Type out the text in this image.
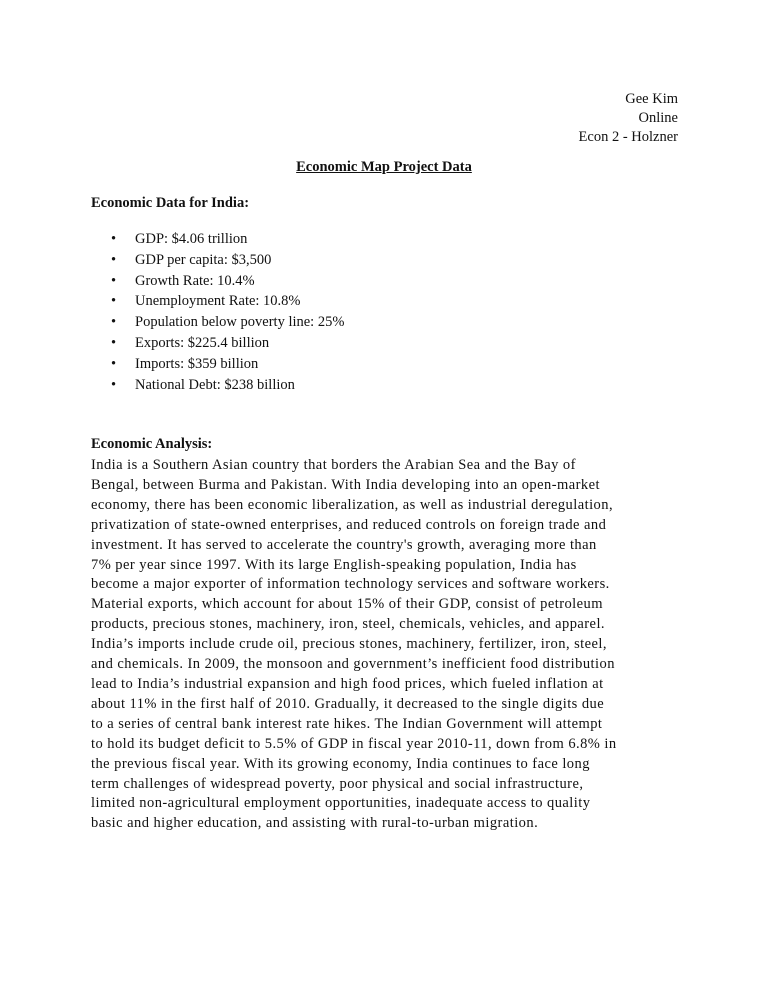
Gee Kim
Online
Econ 2 - Holzner
Economic Map Project Data
Economic Data for India:
• GDP: $4.06 trillion
• GDP per capita: $3,500
• Growth Rate: 10.4%
• Unemployment Rate: 10.8%
• Population below poverty line: 25%
• Exports: $225.4 billion
• Imports: $359 billion
• National Debt: $238 billion
Economic Analysis:
India is a Southern Asian country that borders the Arabian Sea and the Bay of
Bengal, between Burma and Pakistan. With India developing into an open-market
economy, there has been economic liberalization, as well as industrial deregulation,
privatization of state-owned enterprises, and reduced controls on foreign trade and
investment. It has served to accelerate the country's growth, averaging more than
7% per year since 1997. With its large English-speaking population, India has
become a major exporter of information technology services and software workers.
Material exports, which account for about 15% of their GDP, consist of petroleum
products, precious stones, machinery, iron, steel, chemicals, vehicles, and apparel.
India’s imports include crude oil, precious stones, machinery, fertilizer, iron, steel,
and chemicals. In 2009, the monsoon and government’s inefficient food distribution
lead to India’s industrial expansion and high food prices, which fueled inflation at
about 11% in the first half of 2010. Gradually, it decreased to the single digits due
to a series of central bank interest rate hikes. The Indian Government will attempt
to hold its budget deficit to 5.5% of GDP in fiscal year 2010-11, down from 6.8% in
the previous fiscal year. With its growing economy, India continues to face long
term challenges of widespread poverty, poor physical and social infrastructure,
limited non-agricultural employment opportunities, inadequate access to quality
basic and higher education, and assisting with rural-to-urban migration.
